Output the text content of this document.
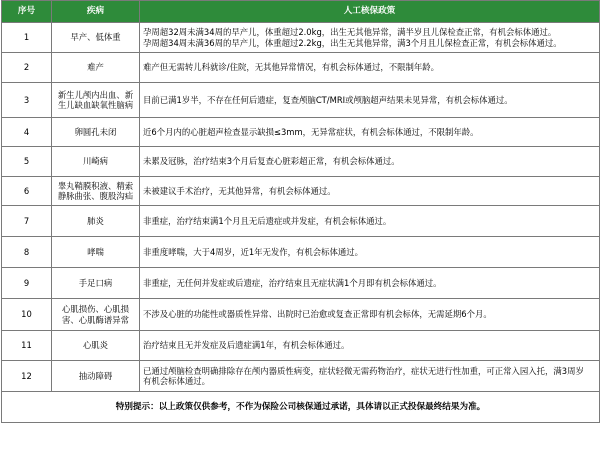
序号	疾病	人工核保政策
1	早产、低体重	孕周超32周未满34周的早产儿，体重超过2.0kg，出生无其他异常，满半岁且儿保检查正常，有机会标体通过。
孕周超34周未满36周的早产儿，体重超过2.2kg，出生无其他异常，满3个月且儿保检查正常，有机会标体通过。

2	难产	难产但无需转儿科就诊/住院，无其他异常情况，有机会标体通过，不限制年龄。

3	新生儿颅内出血、新生儿缺血缺氧性脑病	目前已满1岁半，不存在任何后遗症，复查颅脑CT/MRI或颅脑超声结果未见异常，有机会标体通过。

4	卵圆孔未闭	近6个月内的心脏超声检查显示缺损≤3mm，无异常症状，有机会标体通过，不限制年龄。

5	川崎病	未累及冠脉，治疗结束3个月后复查心脏彩超正常，有机会标体通过。

6	睾丸鞘膜积液、精索静脉曲张、腹股沟疝	未被建议手术治疗，无其他异常，有机会标体通过。

7	肺炎	非重症，治疗结束满1个月且无后遗症或并发症，有机会标体通过。

8	哮喘	非重度哮喘，大于4周岁，近1年无发作，有机会标体通过。

9	手足口病	非重症，无任何并发症或后遗症，治疗结束且无症状满1个月即有机会标体通过。

10	心肌损伤、心肌损害、心肌酶谱异常	不涉及心脏的功能性或器质性异常、出院时已治愈或复查正常即有机会标体，无需延期6个月。

11	心肌炎	治疗结束且无并发症及后遗症满1年，有机会标体通过。

12	抽动障碍	已通过颅脑检查明确排除存在颅内器质性病变，症状轻微无需药物治疗，症状无进行性加重，可正常入园入托，满3周岁
有机会标体通过。

特别提示：以上政策仅供参考，不作为保险公司核保通过承诺，具体请以正式投保最终结果为准。		
